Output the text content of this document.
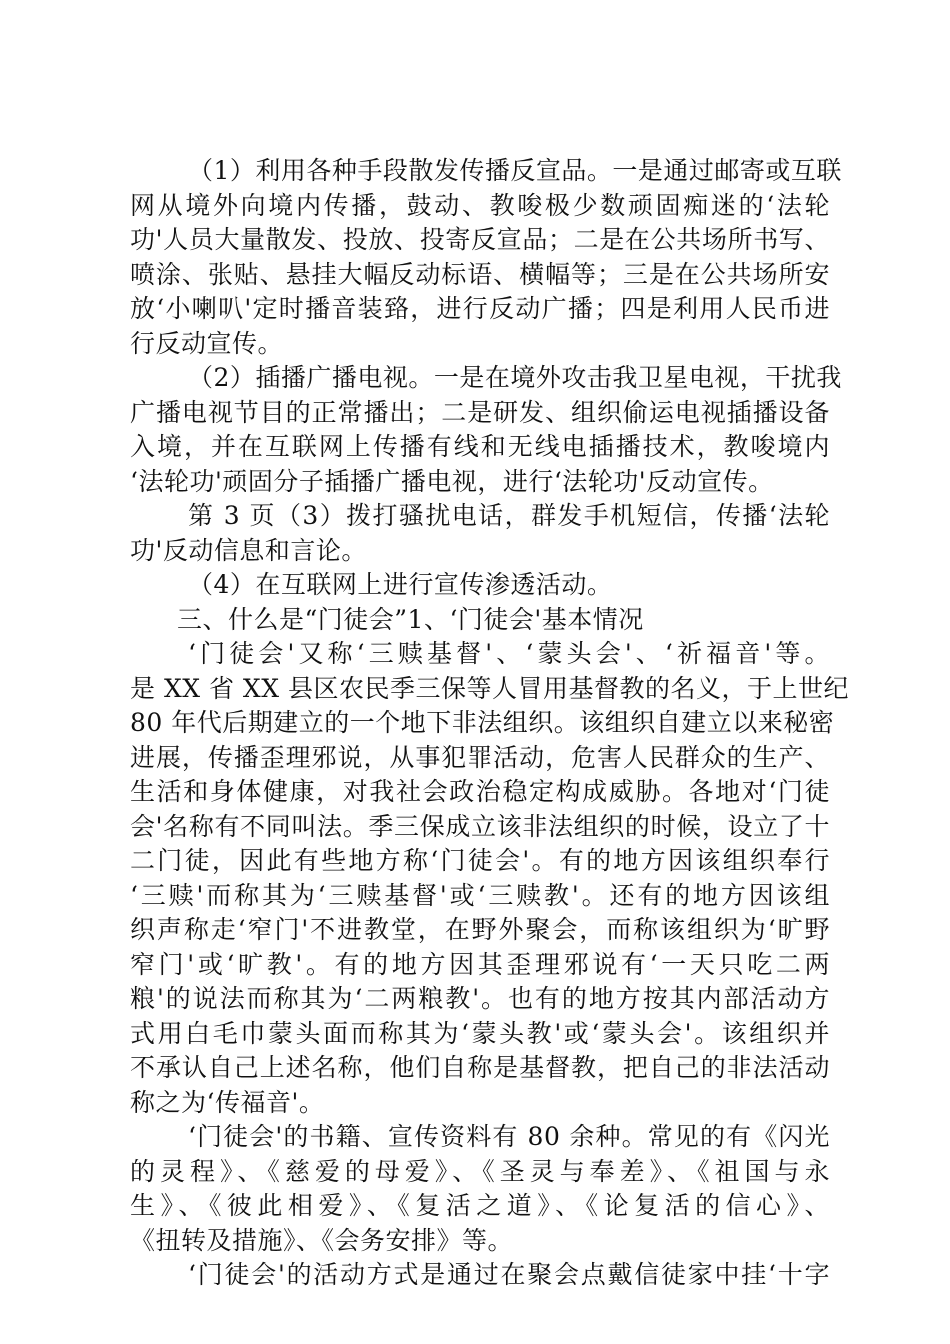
（1）利用各种手段散发传播反宣品。一是通过邮寄或互联
网从境外向境内传播，鼓动、教唆极少数顽固痴迷的‘法轮
功'人员大量散发、投放、投寄反宣品；二是在公共场所书写、
喷涂、张贴、悬挂大幅反动标语、横幅等；三是在公共场所安
放‘小喇叭'定时播音装臵，进行反动广播；四是利用人民币进
行反动宣传。
（2）插播广播电视。一是在境外攻击我卫星电视，干扰我
广播电视节目的正常播出；二是研发、组织偷运电视插播设备
入境，并在互联网上传播有线和无线电插播技术，教唆境内
‘法轮功'顽固分子插播广播电视，进行‘法轮功'反动宣传。
第 3 页（3）拨打骚扰电话，群发手机短信，传播‘法轮
功'反动信息和言论。
（4）在互联网上进行宣传渗透活动。
三、什么是“门徒会”1、‘门徒会'基本情况
‘门徒会'又称‘三赎基督'、‘蒙头会'、‘祈福音'等。
是 XX 省 XX 县区农民季三保等人冒用基督教的名义，于上世纪
80 年代后期建立的一个地下非法组织。该组织自建立以来秘密
进展，传播歪理邪说，从事犯罪活动，危害人民群众的生产、
生活和身体健康，对我社会政治稳定构成威胁。各地对‘门徒
会'名称有不同叫法。季三保成立该非法组织的时候，设立了十
二门徒，因此有些地方称‘门徒会'。有的地方因该组织奉行
‘三赎'而称其为‘三赎基督'或‘三赎教'。还有的地方因该组
织声称走‘窄门'不进教堂，在野外聚会，而称该组织为‘旷野
窄门'或‘旷教'。有的地方因其歪理邪说有‘一天只吃二两
粮'的说法而称其为‘二两粮教'。也有的地方按其内部活动方
式用白毛巾蒙头面而称其为‘蒙头教'或‘蒙头会'。该组织并
不承认自己上述名称，他们自称是基督教，把自己的非法活动
称之为‘传福音'。
‘门徒会'的书籍、宣传资料有 80 余种。常见的有《闪光
的灵程》、《慈爱的母爱》、《圣灵与奉差》、《祖国与永
生》、《彼此相爱》、《复活之道》、《论复活的信心》、
《扭转及措施》、《会务安排》等。
‘门徒会'的活动方式是通过在聚会点戴信徒家中挂‘十字
